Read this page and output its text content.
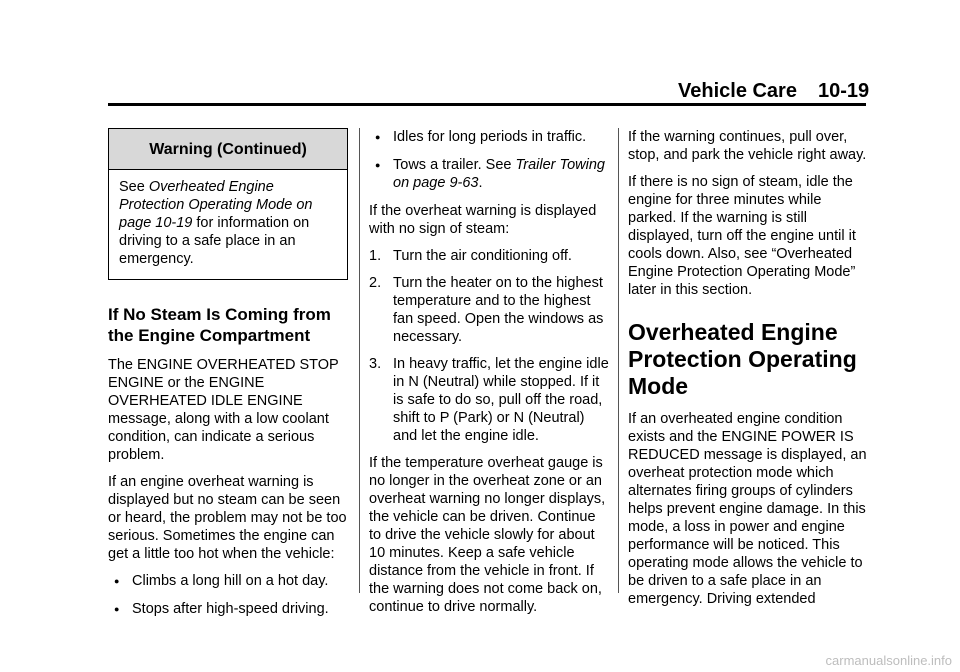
Vehicle Care 10-19
Warning (Continued)
See Overheated Engine Protection Operating Mode on page 10-19 for information on driving to a safe place in an emergency.
If No Steam Is Coming from the Engine Compartment

The ENGINE OVERHEATED STOP ENGINE or the ENGINE OVERHEATED IDLE ENGINE message, along with a low coolant condition, can indicate a serious problem.

If an engine overheat warning is displayed but no steam can be seen or heard, the problem may not be too serious. Sometimes the engine can get a little too hot when the vehicle:

● Climbs a long hill on a hot day.
● Stops after high-speed driving.
● Idles for long periods in traffic.
● Tows a trailer. See Trailer Towing on page 9-63.

If the overheat warning is displayed with no sign of steam:

1. Turn the air conditioning off.
2. Turn the heater on to the highest temperature and to the highest fan speed. Open the windows as necessary.
3. In heavy traffic, let the engine idle in N (Neutral) while stopped. If it is safe to do so, pull off the road, shift to P (Park) or N (Neutral) and let the engine idle.

If the temperature overheat gauge is no longer in the overheat zone or an overheat warning no longer displays, the vehicle can be driven. Continue to drive the vehicle slowly for about 10 minutes. Keep a safe vehicle distance from the vehicle in front. If the warning does not come back on, continue to drive normally.

If the warning continues, pull over, stop, and park the vehicle right away.

If there is no sign of steam, idle the engine for three minutes while parked. If the warning is still displayed, turn off the engine until it cools down. Also, see “Overheated Engine Protection Operating Mode” later in this section.

Overheated Engine Protection Operating Mode

If an overheated engine condition exists and the ENGINE POWER IS REDUCED message is displayed, an overheat protection mode which alternates firing groups of cylinders helps prevent engine damage. In this mode, a loss in power and engine performance will be noticed. This operating mode allows the vehicle to be driven to a safe place in an emergency. Driving extended

carmanualsonline.info
